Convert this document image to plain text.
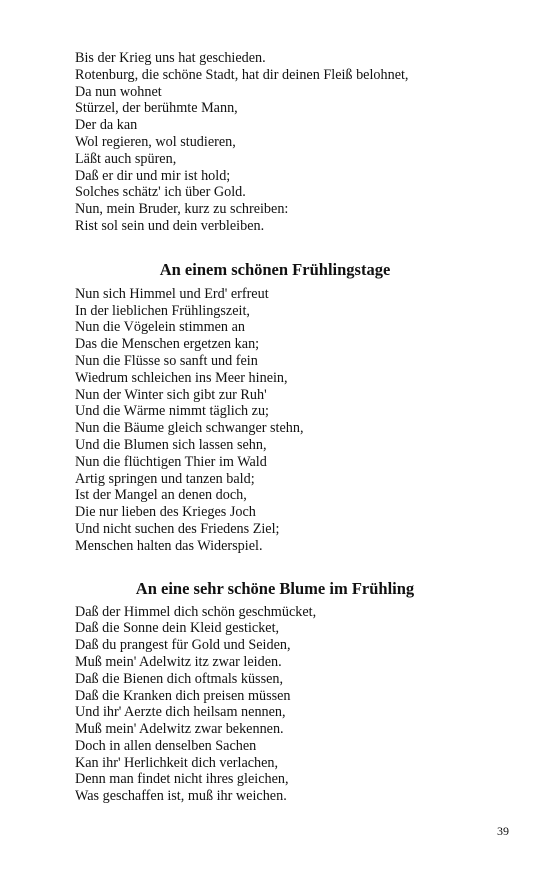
Bis der Krieg uns hat geschieden.
Rotenburg, die schöne Stadt, hat dir deinen Fleiß belohnet,
Da nun wohnet
Stürzel, der berühmte Mann,
Der da kan
Wol regieren, wol studieren,
Läßt auch spüren,
Daß er dir und mir ist hold;
Solches schätz' ich über Gold.
Nun, mein Bruder, kurz zu schreiben:
Rist sol sein und dein verbleiben.
An einem schönen Frühlingstage
Nun sich Himmel und Erd' erfreut
In der lieblichen Frühlingszeit,
Nun die Vögelein stimmen an
Das die Menschen ergetzen kan;
Nun die Flüsse so sanft und fein
Wiedrum schleichen ins Meer hinein,
Nun der Winter sich gibt zur Ruh'
Und die Wärme nimmt täglich zu;
Nun die Bäume gleich schwanger stehn,
Und die Blumen sich lassen sehn,
Nun die flüchtigen Thier im Wald
Artig springen und tanzen bald;
Ist der Mangel an denen doch,
Die nur lieben des Krieges Joch
Und nicht suchen des Friedens Ziel;
Menschen halten das Widerspiel.
An eine sehr schöne Blume im Frühling
Daß der Himmel dich schön geschmücket,
Daß die Sonne dein Kleid gesticket,
Daß du prangest für Gold und Seiden,
Muß mein' Adelwitz itz zwar leiden.
Daß die Bienen dich oftmals küssen,
Daß die Kranken dich preisen müssen
Und ihr' Aerzte dich heilsam nennen,
Muß mein' Adelwitz zwar bekennen.
Doch in allen denselben Sachen
Kan ihr' Herlichkeit dich verlachen,
Denn man findet nicht ihres gleichen,
Was geschaffen ist, muß ihr weichen.
39
